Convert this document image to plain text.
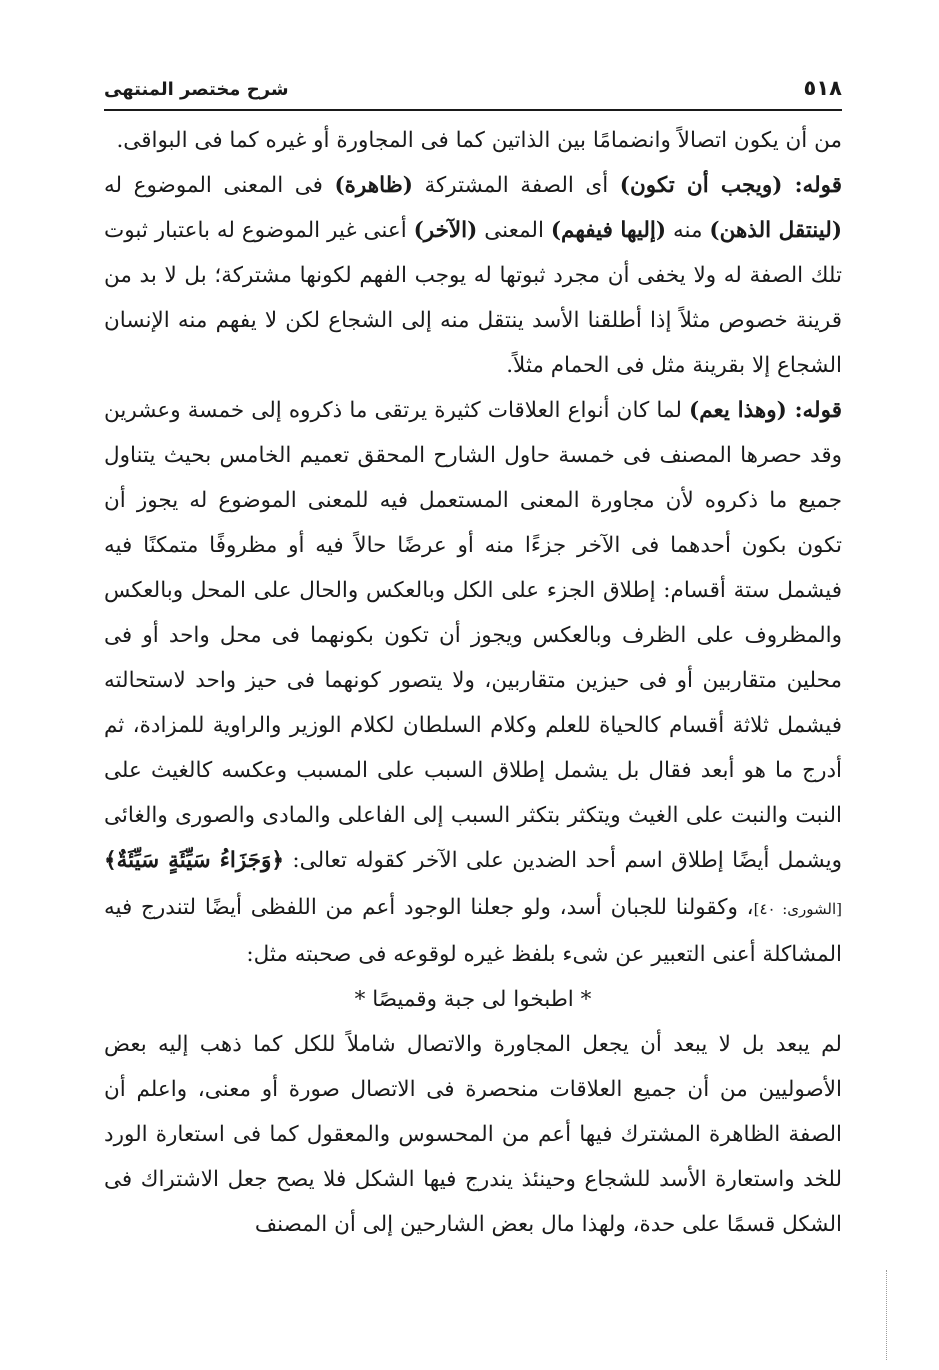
٥١٨
شرح مختصر المنتهى

من أن يكون اتصالاً وانضمامًا بين الذاتين كما فى المجاورة أو غيره كما فى البواقى.

قوله: (ويجب أن تكون) أى الصفة المشتركة (ظاهرة) فى المعنى الموضوع له (لينتقل الذهن) منه (إليها فيفهم) المعنى (الآخر) أعنى غير الموضوع له باعتبار ثبوت تلك الصفة له ولا يخفى أن مجرد ثبوتها له يوجب الفهم لكونها مشتركة؛ بل لا بد من قرينة خصوص مثلاً إذا أطلقنا الأسد ينتقل منه إلى الشجاع لكن لا يفهم منه الإنسان الشجاع إلا بقرينة مثل فى الحمام مثلاً.

قوله: (وهذا يعم) لما كان أنواع العلاقات كثيرة يرتقى ما ذكروه إلى خمسة وعشرين وقد حصرها المصنف فى خمسة حاول الشارح المحقق تعميم الخامس بحيث يتناول جميع ما ذكروه لأن مجاورة المعنى المستعمل فيه للمعنى الموضوع له يجوز أن تكون بكون أحدهما فى الآخر جزءًا منه أو عرضًا حالاً فيه أو مظروفًا متمكنًا فيه فيشمل ستة أقسام: إطلاق الجزء على الكل وبالعكس والحال على المحل وبالعكس والمظروف على الظرف وبالعكس ويجوز أن تكون بكونهما فى محل واحد أو فى محلين متقاربين أو فى حيزين متقاربين، ولا يتصور كونهما فى حيز واحد لاستحالته فيشمل ثلاثة أقسام كالحياة للعلم وكلام السلطان لكلام الوزير والراوية للمزادة، ثم أدرج ما هو أبعد فقال بل يشمل إطلاق السبب على المسبب وعكسه كالغيث على النبت والنبت على الغيث ويتكثر بتكثر السبب إلى الفاعلى والمادى والصورى والغائى ويشمل أيضًا إطلاق اسم أحد الضدين على الآخر كقوله تعالى: ﴿وَجَزَاءُ سَيِّئَةٍ سَيِّئَةٌ﴾ [الشورى: ٤٠]، وكقولنا للجبان أسد، ولو جعلنا الوجود أعم من اللفظى أيضًا لتندرج فيه المشاكلة أعنى التعبير عن شىء بلفظ غيره لوقوعه فى صحبته مثل:

* اطبخوا لى جبة وقميصًا *

لم يبعد بل لا يبعد أن يجعل المجاورة والاتصال شاملاً للكل كما ذهب إليه بعض الأصوليين من أن جميع العلاقات منحصرة فى الاتصال صورة أو معنى، واعلم أن الصفة الظاهرة المشترك فيها أعم من المحسوس والمعقول كما فى استعارة الورد للخد واستعارة الأسد للشجاع وحينئذ يندرج فيها الشكل فلا يصح جعل الاشتراك فى الشكل قسمًا على حدة، ولهذا مال بعض الشارحين إلى أن المصنف
